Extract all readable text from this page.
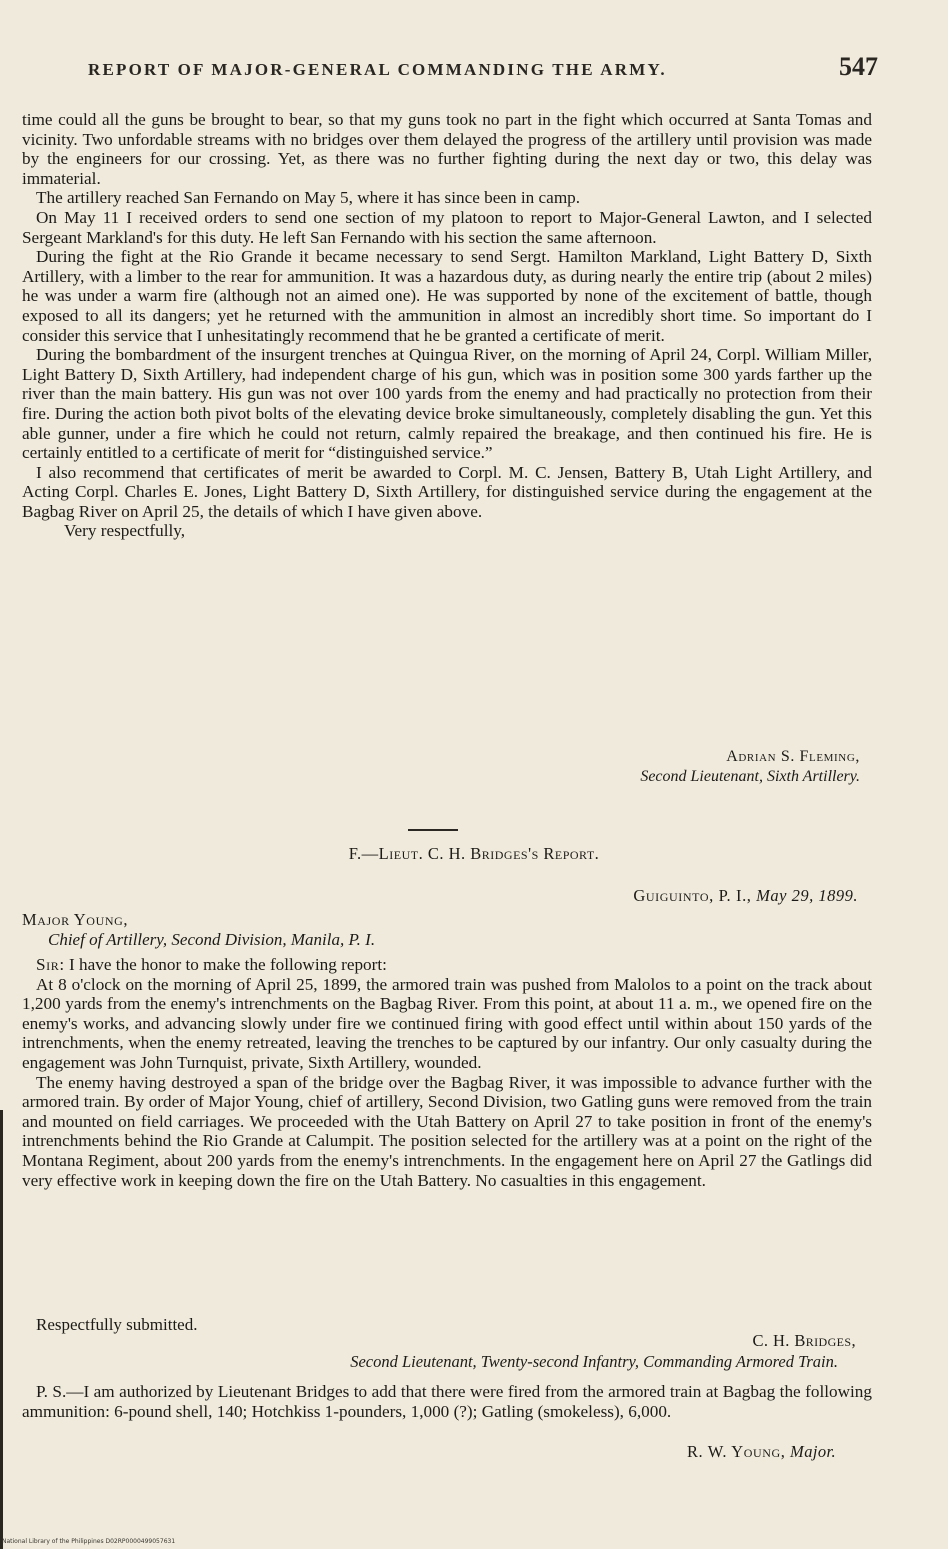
REPORT OF MAJOR-GENERAL COMMANDING THE ARMY.	547

time could all the guns be brought to bear, so that my guns took no part in the fight which occurred at Santa Tomas and vicinity. Two unfordable streams with no bridges over them delayed the progress of the artillery until provision was made by the engineers for our crossing. Yet, as there was no further fighting during the next day or two, this delay was immaterial.

The artillery reached San Fernando on May 5, where it has since been in camp.

On May 11 I received orders to send one section of my platoon to report to Major-General Lawton, and I selected Sergeant Markland's for this duty. He left San Fernando with his section the same afternoon.

During the fight at the Rio Grande it became necessary to send Sergt. Hamilton Markland, Light Battery D, Sixth Artillery, with a limber to the rear for ammunition. It was a hazardous duty, as during nearly the entire trip (about 2 miles) he was under a warm fire (although not an aimed one). He was supported by none of the excitement of battle, though exposed to all its dangers; yet he returned with the ammunition in almost an incredibly short time. So important do I consider this service that I unhesitatingly recommend that he be granted a certificate of merit.

During the bombardment of the insurgent trenches at Quingua River, on the morning of April 24, Corpl. William Miller, Light Battery D, Sixth Artillery, had independent charge of his gun, which was in position some 300 yards farther up the river than the main battery. His gun was not over 100 yards from the enemy and had practically no protection from their fire. During the action both pivot bolts of the elevating device broke simultaneously, completely disabling the gun. Yet this able gunner, under a fire which he could not return, calmly repaired the breakage, and then continued his fire. He is certainly entitled to a certificate of merit for “distinguished service.”

I also recommend that certificates of merit be awarded to Corpl. M. C. Jensen, Battery B, Utah Light Artillery, and Acting Corpl. Charles E. Jones, Light Battery D, Sixth Artillery, for distinguished service during the engagement at the Bagbag River on April 25, the details of which I have given above.

Very respectfully,

Adrian S. Fleming,
Second Lieutenant, Sixth Artillery.
F.—Lieut. C. H. Bridges's Report.
Guiguinto, P. I., May 29, 1899.
Major Young,
Chief of Artillery, Second Division, Manila, P. I.

Sir: I have the honor to make the following report:

At 8 o'clock on the morning of April 25, 1899, the armored train was pushed from Malolos to a point on the track about 1,200 yards from the enemy's intrenchments on the Bagbag River. From this point, at about 11 a. m., we opened fire on the enemy's works, and advancing slowly under fire we continued firing with good effect until within about 150 yards of the intrenchments, when the enemy retreated, leaving the trenches to be captured by our infantry. Our only casualty during the engagement was John Turnquist, private, Sixth Artillery, wounded.

The enemy having destroyed a span of the bridge over the Bagbag River, it was impossible to advance further with the armored train. By order of Major Young, chief of artillery, Second Division, two Gatling guns were removed from the train and mounted on field carriages. We proceeded with the Utah Battery on April 27 to take position in front of the enemy's intrenchments behind the Rio Grande at Calumpit. The position selected for the artillery was at a point on the right of the Montana Regiment, about 200 yards from the enemy's intrenchments. In the engagement here on April 27 the Gatlings did very effective work in keeping down the fire on the Utah Battery. No casualties in this engagement.

Respectfully submitted.
C. H. Bridges,
Second Lieutenant, Twenty-second Infantry, Commanding Armored Train.

P. S.—I am authorized by Lieutenant Bridges to add that there were fired from the armored train at Bagbag the following ammunition: 6-pound shell, 140; Hotchkiss 1-pounders, 1,000 (?); Gatling (smokeless), 6,000.

R. W. Young, Major.
National Library of the Philippines D02RP0000499057631
